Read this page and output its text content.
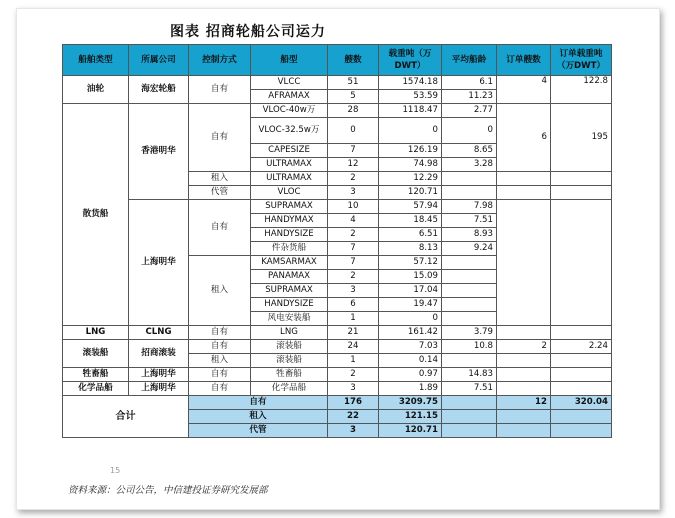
图表 招商轮船公司运力
船舶类型	所属公司	控制方式	船型	艘数	载重吨（万DWT）	平均船龄	订单艘数	订单载重吨（万DWT）
油轮	海宏轮船	自有	VLCC	51	1574.18	6.1	4	122.8
			AFRAMAX	5	53.59	11.23		
散货船	香港明华	自有	VLOC-40w万	28	1118.47	2.77	6	195
			VLOC-32.5w万	0	0	0		
			CAPESIZE	7	126.19	8.65		
			ULTRAMAX	12	74.98	3.28		
		租入	ULTRAMAX	2	12.29			
		代管	VLOC	3	120.71			
	上海明华	自有	SUPRAMAX	10	57.94	7.98		
			HANDYMAX	4	18.45	7.51		
			HANDYSIZE	2	6.51	8.93		
			件杂货船	7	8.13	9.24		
		租入	KAMSARMAX	7	57.12			
			PANAMAX	2	15.09			
			SUPRAMAX	3	17.04			
			HANDYSIZE	6	19.47			
			风电安装船	1	0			
LNG	CLNG	自有	LNG	21	161.42	3.79		
滚装船	招商滚装	自有	滚装船	24	7.03	10.8	2	2.24
		租入	滚装船	1	0.14			
牲畜船	上海明华	自有	牲畜船	2	0.97	14.83		
化学品船	上海明华	自有	化学品船	3	1.89	7.51		
合计		自有		176	3209.75		12	320.04
		租入		22	121.15			
		代管		3	120.71			
15
资料来源：公司公告，中信建投证券研究发展部
